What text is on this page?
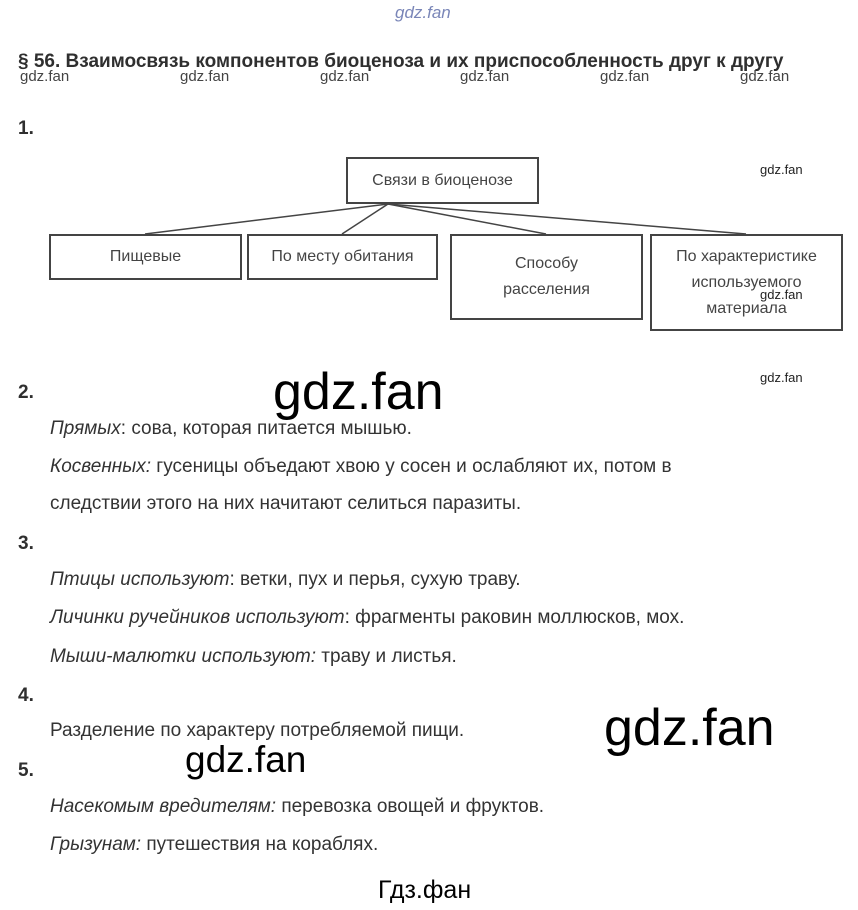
gdz.fan
§ 56. Взаимосвязь компонентов биоценоза и их приспособленность друг к другу
gdz.fan	gdz.fan	gdz.fan	gdz.fan	gdz.fan	gdz.fan
1.
Связи в биоценозе
Пищевые	По месту обитания	Способу
расселения
По характеристике
используемого
материала
gdz.fan
gdz.fan
2.	gdz.fan	gdz.fan
Прямых: сова, которая питается мышью.
Косвенных: гусеницы объедают хвою у сосен и ослабляют их, потом в
следствии этого на них начитают селиться паразиты.
3.
Птицы используют: ветки, пух и перья, сухую траву.
Личинки ручейников используют: фрагменты раковин моллюсков, мох.
Мыши-малютки используют: траву и листья.
4.
Разделение по характеру потребляемой пищи.	gdz.fan
5.	gdz.fan
Насекомым вредителям: перевозка овощей и фруктов.
Грызунам: путешествия на кораблях.
Гдз.фан
